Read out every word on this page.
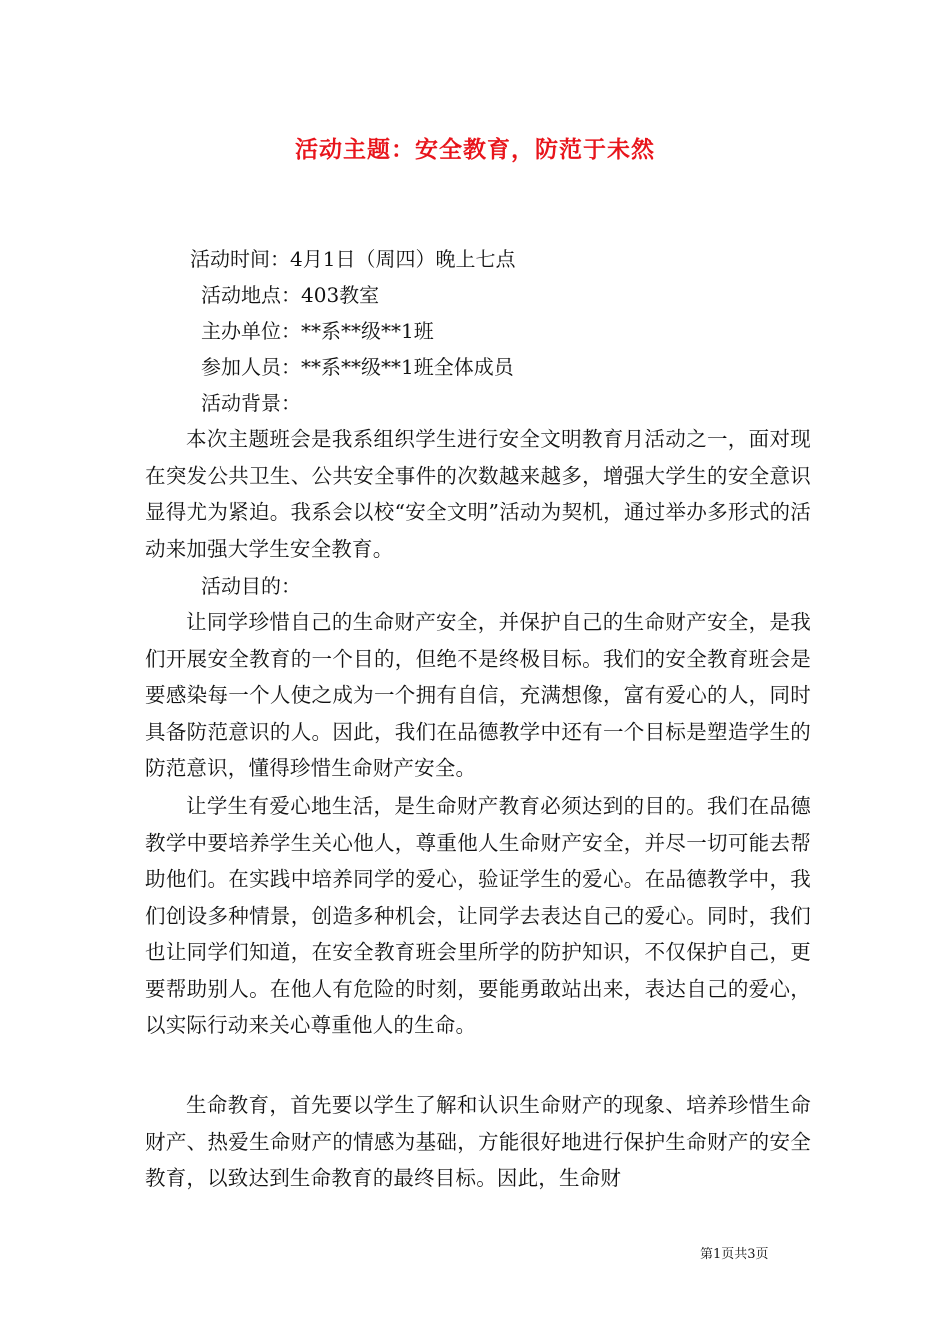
活动主题：安全教育，防范于未然
活动时间：4月1日（周四）晚上七点
活动地点：403教室
主办单位：**系**级**1班
参加人员：**系**级**1班全体成员
活动背景：
本次主题班会是我系组织学生进行安全文明教育月活动之一，面对现在突发公共卫生、公共安全事件的次数越来越多，增强大学生的安全意识显得尤为紧迫。我系会以校“安全文明”活动为契机，通过举办多形式的活动来加强大学生安全教育。
活动目的：
让同学珍惜自己的生命财产安全，并保护自己的生命财产安全，是我们开展安全教育的一个目的，但绝不是终极目标。我们的安全教育班会是要感染每一个人使之成为一个拥有自信，充满想像，富有爱心的人，同时具备防范意识的人。因此，我们在品德教学中还有一个目标是塑造学生的防范意识，懂得珍惜生命财产安全。
让学生有爱心地生活，是生命财产教育必须达到的目的。我们在品德教学中要培养学生关心他人，尊重他人生命财产安全，并尽一切可能去帮助他们。在实践中培养同学的爱心，验证学生的爱心。在品德教学中，我们创设多种情景，创造多种机会，让同学去表达自己的爱心。同时，我们也让同学们知道，在安全教育班会里所学的防护知识，不仅保护自己，更要帮助别人。在他人有危险的时刻，要能勇敢站出来，表达自己的爱心，以实际行动来关心尊重他人的生命。
生命教育，首先要以学生了解和认识生命财产的现象、培养珍惜生命财产、热爱生命财产的情感为基础，方能很好地进行保护生命财产的安全教育，以致达到生命教育的最终目标。因此，生命财
第1页共3页
